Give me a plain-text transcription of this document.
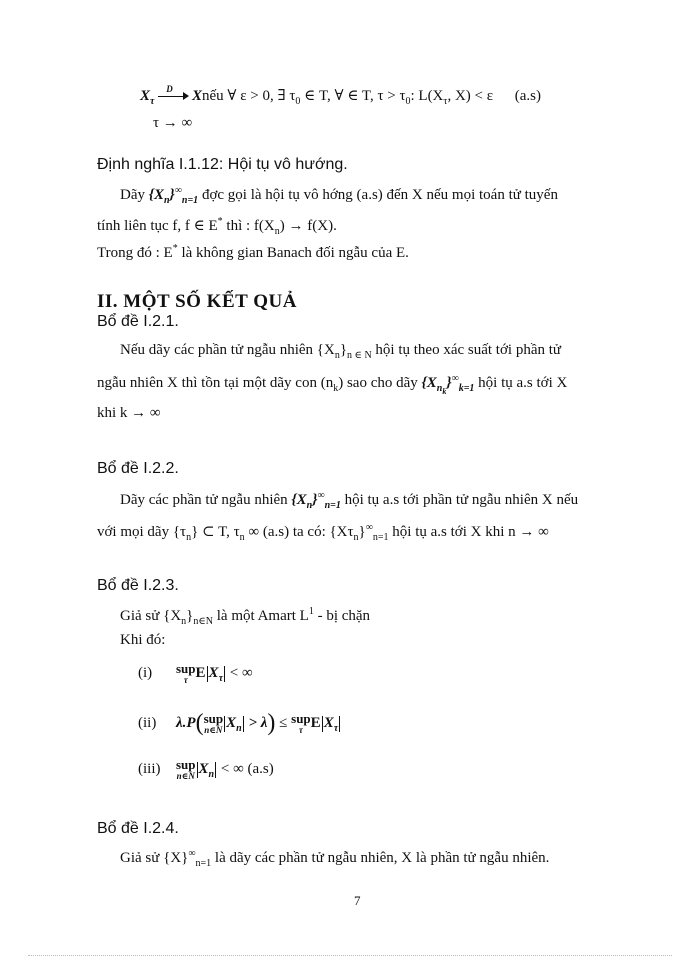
$X_\tau$
D Xnếu ∀ ε > 0, ∃ $\tau_0$ ∈ T, ∀ ∈ T, $\tau > \tau_0$: $L(X_\tau$, X) < ε (a.s)
τ → ∞
Định nghĩa I.1.12: Hội tụ vô hướng.
Dãy $\{X_n\}^\infty_{n=1}$ đợc gọi là hội tụ vô hớng (a.s) đến X nếu mọi toán tử tuyến
tính liên tục f, f ∈ E* thì : $f(X_n) \to f(X)$.
Trong đó : E* là không gian Banach đối ngẫu của E.
II. MỘT SỐ KẾT QUẢ
Bổ đề I.2.1.
Nếu dãy các phần tử ngẫu nhiên $\{X_n\}_{n \in N}$ hội tụ theo xác suất tới phần tử
ngẫu nhiên X thì tồn tại một dãy con $(n_k)$ sao cho dãy $\{X_{n_k}\}^\infty_{k=1}$ hội tụ a.s tới X
khi k → ∞
Bổ đề I.2.2.
Dãy các phần tử ngẫu nhiên $\{X_n\}^\infty_{n=1}$ hội tụ a.s tới phần tử ngẫu nhiên X nếu
với mọi dãy $\{\tau_n\}$ ⊂ T, $\tau_n$ ∞ (a.s) ta có: $\{X\tau_n\}^\infty_{n=1}$ hội tụ a.s tới X khi n → ∞
Bổ đề I.2.3.
Giả sử $\{X_n\}_{n\in N}$ là một Amart $L^1$ - bị chặn
Khi đó:
(i) sup
τ E $X_\tau$ < ∞
(ii) λ.P( sup
n∈N $X_n > \lambda$) ≤ sup
τ E $X_\tau$
(iii) sup
n∈N $X_n$ < ∞ (a.s)
Bổ đề I.2.4.
Giả sử $\{X\}^\infty_{n=1}$ là dãy các phần tử ngẫu nhiên, X là phần tử ngẫu nhiên.
7
